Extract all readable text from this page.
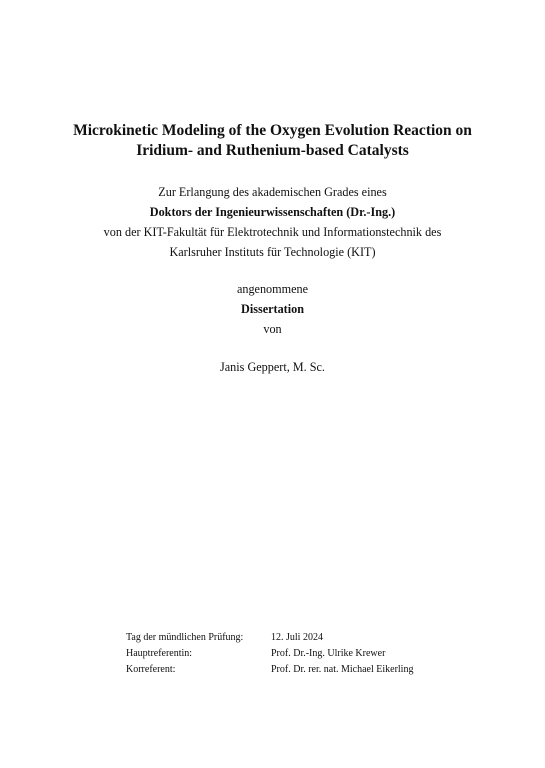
Microkinetic Modeling of the Oxygen Evolution Reaction on
Iridium- and Ruthenium-based Catalysts
Zur Erlangung des akademischen Grades eines
Doktors der Ingenieurwissenschaften (Dr.-Ing.)
von der KIT-Fakultät für Elektrotechnik und Informationstechnik des
Karlsruher Instituts für Technologie (KIT)
angenommene
Dissertation
von
Janis Geppert, M. Sc.
Tag der mündlichen Prüfung:	12. Juli 2024
Hauptreferentin:	Prof. Dr.-Ing. Ulrike Krewer
Korreferent:	Prof. Dr. rer. nat. Michael Eikerling
